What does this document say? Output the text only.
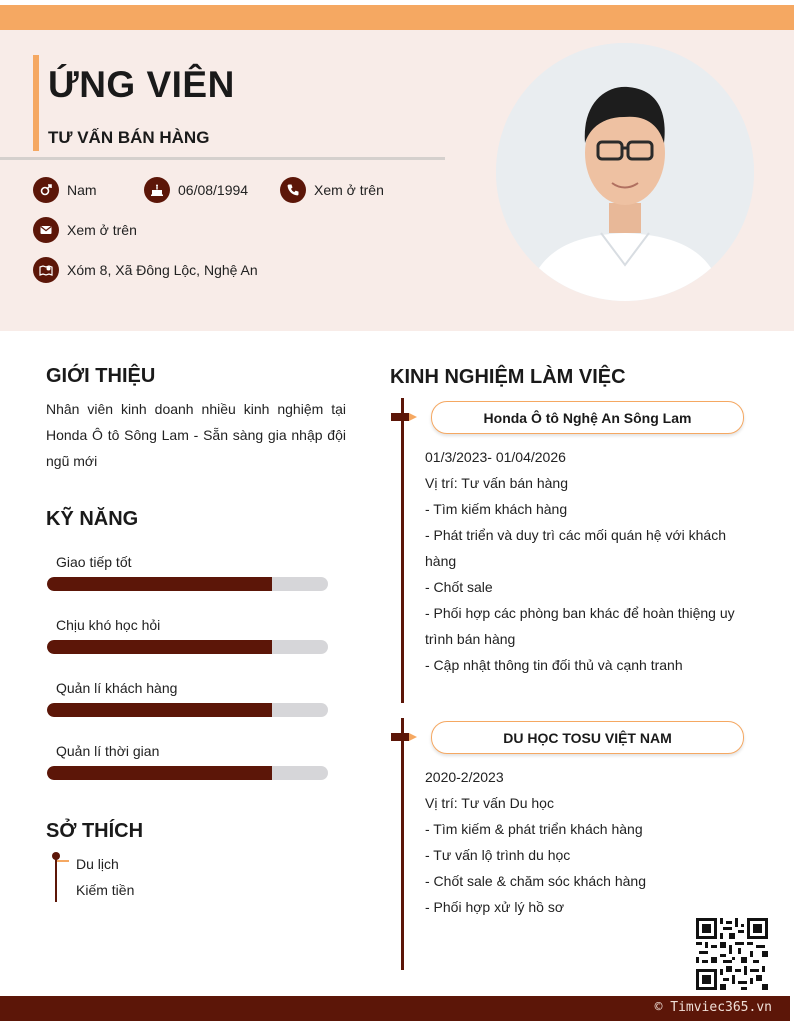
ỨNG VIÊN
TƯ VẤN BÁN HÀNG
Nam	06/08/1994	Xem ở trên
Xem ở trên
Xóm 8, Xã Đông Lộc, Nghệ An
GIỚI THIỆU
Nhân viên kinh doanh nhiều kinh nghiệm tại Honda Ô tô Sông Lam - Sẵn sàng gia nhập đội ngũ mới
KỸ NĂNG
Giao tiếp tốt
Chịu khó học hỏi
Quản lí khách hàng
Quản lí thời gian
SỞ THÍCH
Du lịch
Kiếm tiền
KINH NGHIỆM LÀM VIỆC
Honda Ô tô Nghệ An Sông Lam
01/3/2023- 01/04/2026
Vị trí: Tư vấn bán hàng
- Tìm kiếm khách hàng
- Phát triển và duy trì các mối quán hệ với khách hàng
- Chốt sale
- Phối hợp các phòng ban khác để hoàn thiệng uy trình bán hàng
- Cập nhật thông tin đối thủ và cạnh tranh
DU HỌC TOSU VIỆT NAM
2020-2/2023
Vị trí: Tư vấn Du học
- Tìm kiếm & phát triển khách hàng
- Tư vấn lộ trình du học
- Chốt sale & chăm sóc khách hàng
- Phối hợp xử lý hồ sơ
© Timviec365.vn
